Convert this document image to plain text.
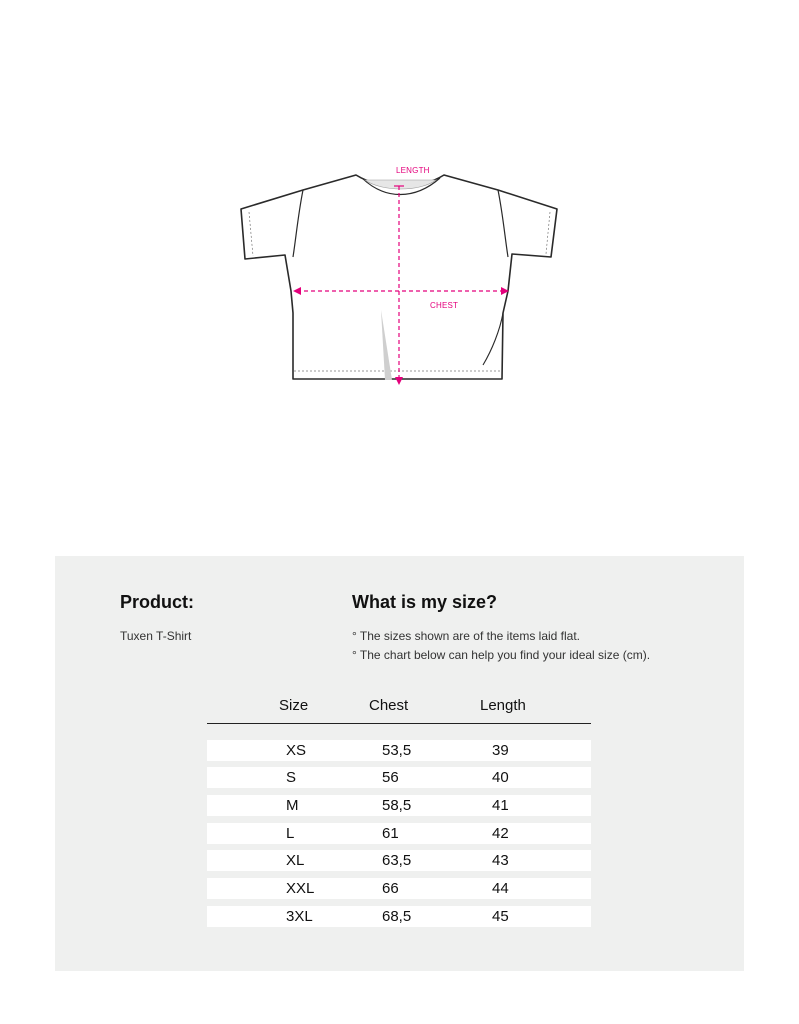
LENGTH
CHEST
Product:
Tuxen T-Shirt
What is my size?
° The sizes shown are of the items laid flat.
° The chart below can help you find your ideal size (cm).
Size	Chest	Length
XS	53,5	39
S	56	40
M	58,5	41
L	61	42
XL	63,5	43
XXL	66	44
3XL	68,5	45
